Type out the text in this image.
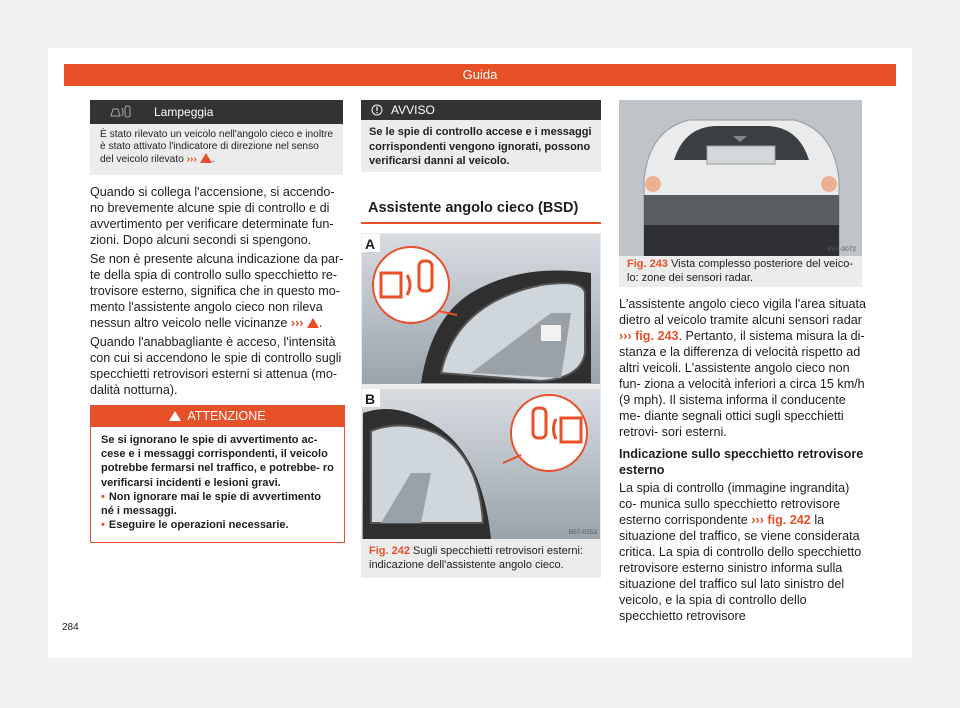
Guida
Lampeggia
È stato rilevato un veicolo nell'angolo cieco e inoltre è stato attivato l'indicatore di direzione nel senso del veicolo rilevato ››› .

Quando si collega l'accensione, si accendo- no brevemente alcune spie di controllo e di avvertimento per verificare determinate fun- zioni. Dopo alcuni secondi si spengono.

Se non è presente alcuna indicazione da par- te della spia di controllo sullo specchietto re- trovisore esterno, significa che in questo mo- mento l'assistente angolo cieco non rileva nessun altro veicolo nelle vicinanze ››› .

Quando l'anabbagliante è acceso, l'intensità con cui si accendono le spie di controllo sugli specchietti retrovisori esterni si attenua (mo- dalità notturna).

ATTENZIONE

Se si ignorano le spie di avvertimento ac- cese e i messaggi corrispondenti, il veicolo potrebbe fermarsi nel traffico, e potrebbe- ro verificarsi incidenti e lesioni gravi.

• Non ignorare mai le spie di avvertimento né i messaggi.

• Eseguire le operazioni necessarie.

AVVISO
Se le spie di controllo accese e i messaggi corrispondenti vengono ignorati, possono verificarsi danni al veicolo.
Assistente angolo cieco (BSD)
A
B
B57-0253
Fig. 242 Sugli specchietti retrovisori esterni: indicazione dell'assistente angolo cieco.
B6F-0072
Fig. 243 Vista complesso posteriore del veico- lo: zone dei sensori radar.

L'assistente angolo cieco vigila l'area situata dietro al veicolo tramite alcuni sensori radar ››› fig. 243. Pertanto, il sistema misura la di- stanza e la differenza di velocità rispetto ad altri veicoli. L'assistente angolo cieco non fun- ziona a velocità inferiori a circa 15 km/h (9 mph). Il sistema informa il conducente me- diante segnali ottici sugli specchietti retrovi- sori esterni.

Indicazione sullo specchietto retrovisore esterno

La spia di controllo (immagine ingrandita) co- munica sullo specchietto retrovisore esterno corrispondente ››› fig. 242 la situazione del traffico, se viene considerata critica. La spia di controllo dello specchietto retrovisore esterno sinistro informa sulla situazione del traffico sul lato sinistro del veicolo, e la spia di controllo dello specchietto retrovisore

284
